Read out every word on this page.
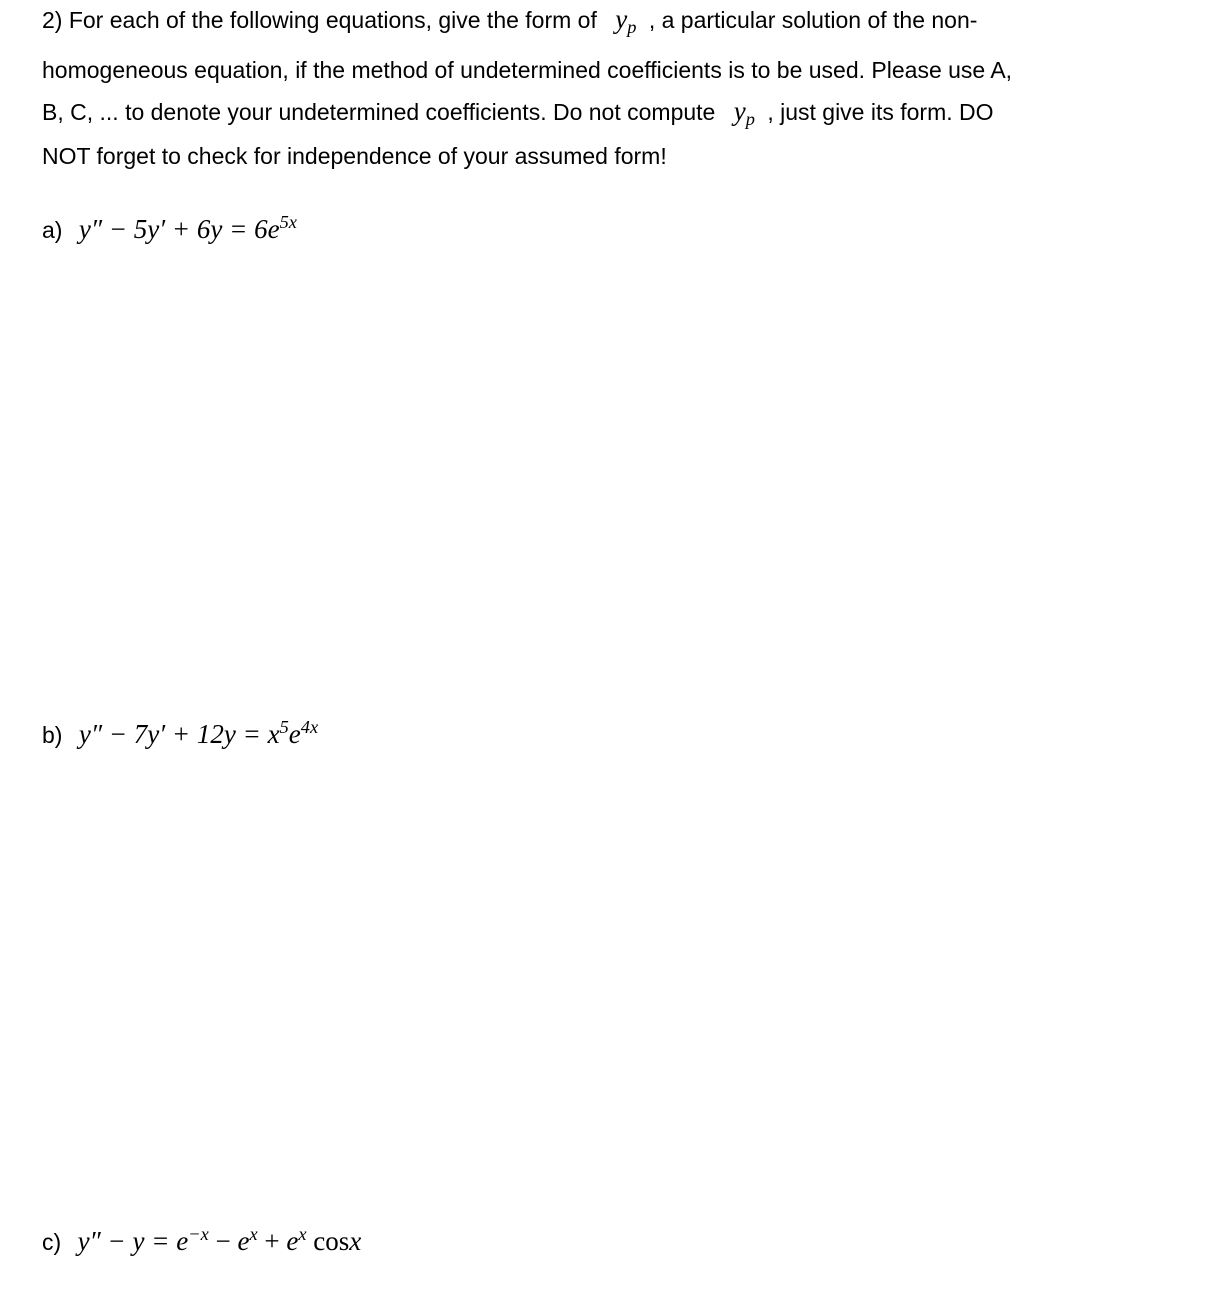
2) For each of the following equations, give the form of $y_p$ , a particular solution of the non-
homogeneous equation, if the method of undetermined coefficients is to be used. Please use A,
B, C, ... to denote your undetermined coefficients. Do not compute $y_p$ , just give its form. DO
NOT forget to check for independence of your assumed form!
a) $y'' - 5y' + 6y = 6e^{5x}$
b) $y'' - 7y' + 12y = x^5e^{4x}$
c) $y'' - y = e^{-x} - e^x + e^x$ cosx
